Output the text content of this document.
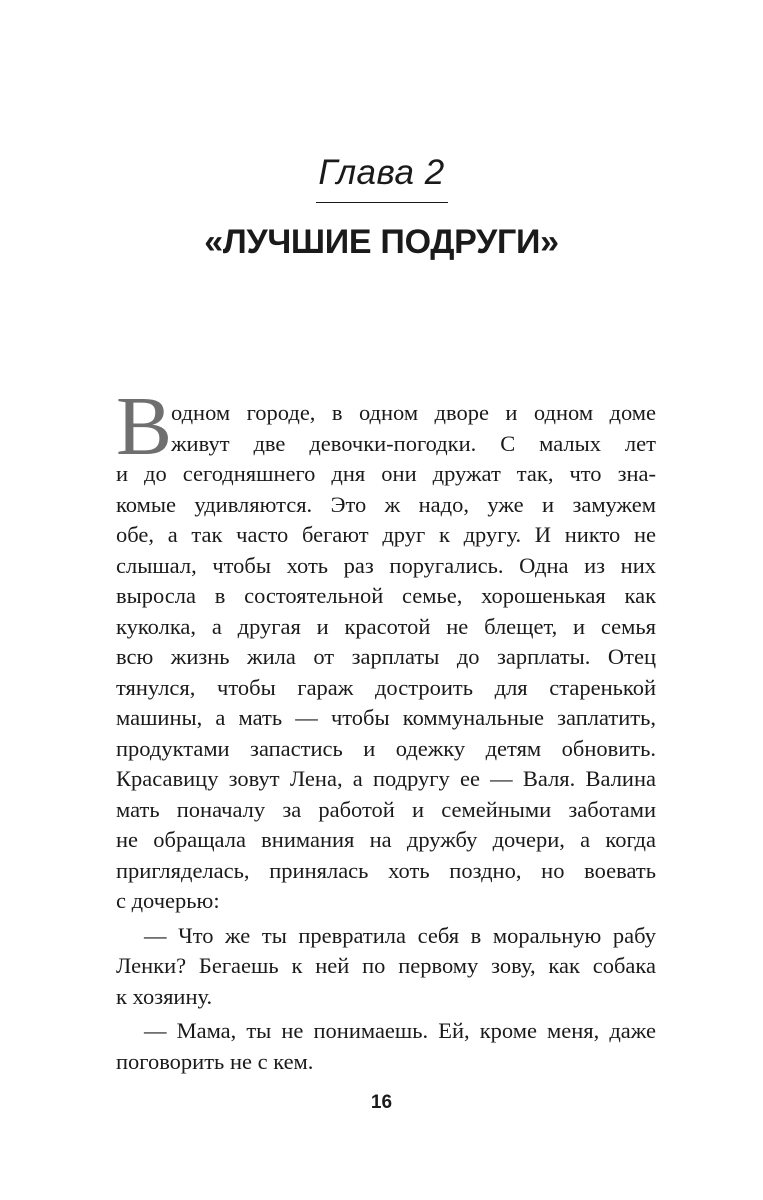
Глава 2
«ЛУЧШИЕ ПОДРУГИ»
В
одном городе, в одном дворе и одном доме
живут две девочки-погодки. С малых лет
и до сегодняшнего дня они дружат так, что зна-
комые удивляются. Это ж надо, уже и замужем
обе, а так часто бегают друг к другу. И никто не
слышал, чтобы хоть раз поругались. Одна из них
выросла в состоятельной семье, хорошенькая как
куколка, а другая и красотой не блещет, и семья
всю жизнь жила от зарплаты до зарплаты. Отец
тянулся, чтобы гараж достроить для старенькой
машины, а мать — чтобы коммунальные заплатить,
продуктами запастись и одежку детям обновить.
Красавицу зовут Лена, а подругу ее — Валя. Валина
мать поначалу за работой и семейными заботами
не обращала внимания на дружбу дочери, а когда
пригляделась, принялась хоть поздно, но воевать
с дочерью:
— Что же ты превратила себя в моральную рабу
Ленки? Бегаешь к ней по первому зову, как собака
к хозяину.
— Мама, ты не понимаешь. Ей, кроме меня, даже
поговорить не с кем.
16
